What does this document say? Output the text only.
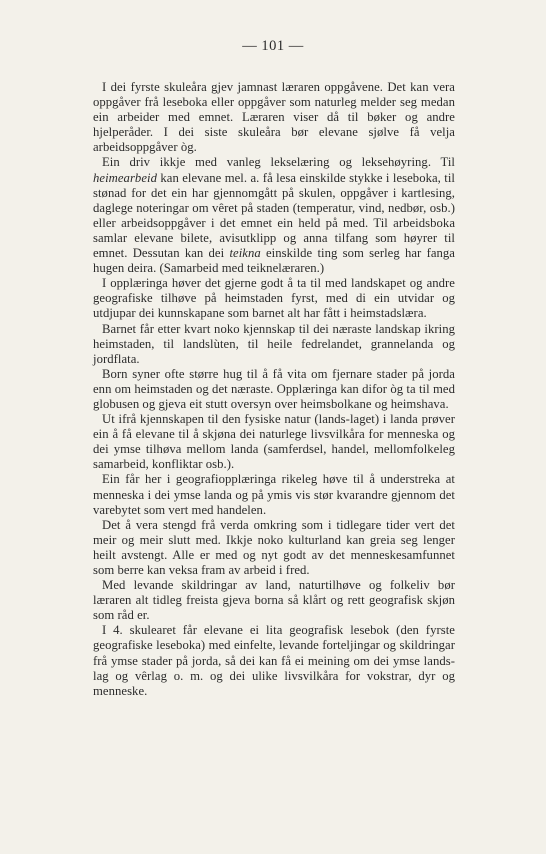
— 101 —

I dei fyrste skuleåra gjev jamnast læraren oppgåvene. Det kan vera oppgåver frå leseboka eller oppgåver som naturleg melder seg medan ein arbeider med emnet. Læraren viser då til bøker og andre hjelperåder. I dei siste skuleåra bør elevane sjølve få velja arbeidsoppgåver òg.

Ein driv ikkje med vanleg lekselæring og leksehøyring. Til heimearbeid kan elevane mel. a. få lesa einskilde stykke i leseboka, til stønad for det ein har gjennomgått på skulen, oppgåver i kartlesing, daglege noteringar om vêret på staden (temperatur, vind, nedbør, osb.) eller arbeidsoppgåver i det emnet ein held på med. Til arbeidsboka samlar elevane bilete, avisutklipp og anna tilfang som høyrer til emnet. Dessutan kan dei teikna einskilde ting som serleg har fanga hugen deira. (Samarbeid med teiknelæraren.)

I opplæringa høver det gjerne godt å ta til med landskapet og andre geografiske tilhøve på heimstaden fyrst, med di ein utvidar og utdjupar dei kunnskapane som barnet alt har fått i heimstadslæra.

Barnet får etter kvart noko kjennskap til dei næraste landskap ikring heimstaden, til landslùten, til heile fedrelandet, grannelanda og jordflata.

Born syner ofte større hug til å få vita om fjernare stader på jorda enn om heimstaden og det næraste. Opplæringa kan difor òg ta til med globusen og gjeva eit stutt oversyn over heimsbolkane og heimshava.

Ut ifrå kjennskapen til den fysiske natur (lands-laget) i landa prøver ein å få elevane til å skjøna dei naturlege livsvilkåra for menneska og dei ymse tilhøva mellom landa (samferdsel, handel, mellomfolkeleg samarbeid, konfliktar osb.).

Ein får her i geografiopplæringa rikeleg høve til å understreka at menneska i dei ymse landa og på ymis vis stør kvarandre gjennom det varebytet som vert med handelen.

Det å vera stengd frå verda omkring som i tidlegare tider vert det meir og meir slutt med. Ikkje noko kulturland kan greia seg lenger heilt avstengt. Alle er med og nyt godt av det menneskesamfunnet som berre kan veksa fram av arbeid i fred.

Med levande skildringar av land, naturtilhøve og folkeliv bør læraren alt tidleg freista gjeva borna så klårt og rett geografisk skjøn som råd er.

I 4. skulearet får elevane ei lita geografisk lesebok (den fyrste geografiske leseboka) med einfelte, levande forteljingar og skildringar frå ymse stader på jorda, så dei kan få ei meining om dei ymse lands-lag og vêrlag o. m. og dei ulike livsvilkåra for vokstrar, dyr og menneske.
